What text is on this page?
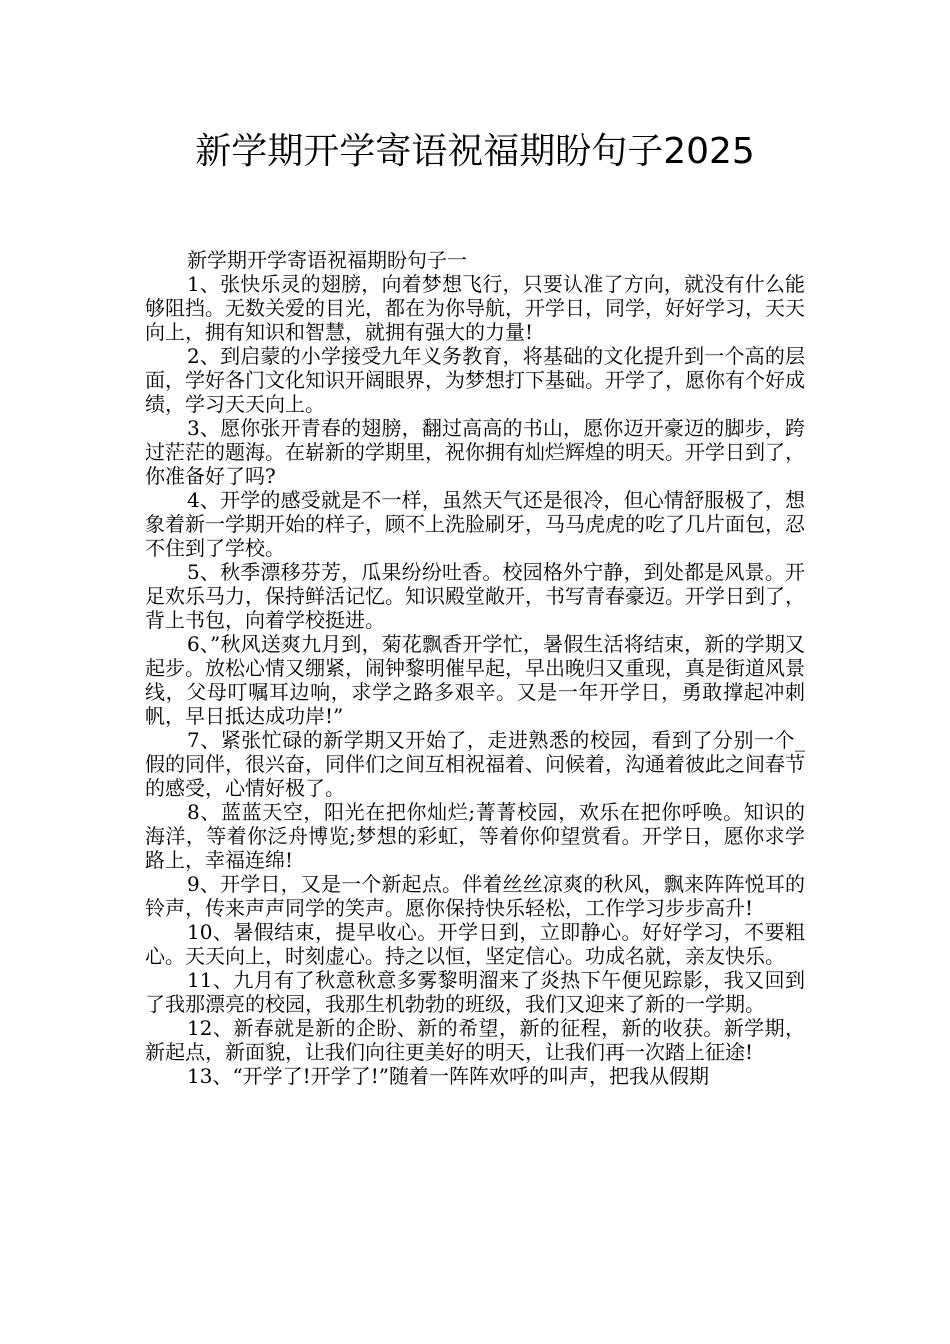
新学期开学寄语祝福期盼句子2025

新学期开学寄语祝福期盼句子一

1、张快乐灵的翅膀，向着梦想飞行，只要认准了方向，就没有什么能够阻挡。无数关爱的目光，都在为你导航，开学日，同学，好好学习，天天向上，拥有知识和智慧，就拥有强大的力量!

2、到启蒙的小学接受九年义务教育，将基础的文化提升到一个高的层面，学好各门文化知识开阔眼界，为梦想打下基础。开学了，愿你有个好成绩，学习天天向上。

3、愿你张开青春的翅膀，翻过高高的书山，愿你迈开豪迈的脚步，跨过茫茫的题海。在崭新的学期里，祝你拥有灿烂辉煌的明天。开学日到了，你准备好了吗?

4、开学的感受就是不一样，虽然天气还是很冷，但心情舒服极了，想象着新一学期开始的样子，顾不上洗脸刷牙，马马虎虎的吃了几片面包，忍不住到了学校。

5、秋季漂移芬芳，瓜果纷纷吐香。校园格外宁静，到处都是风景。开足欢乐马力，保持鲜活记忆。知识殿堂敞开，书写青春豪迈。开学日到了，背上书包，向着学校挺进。

6、”秋风送爽九月到，菊花飘香开学忙，暑假生活将结束，新的学期又起步。放松心情又绷紧，闹钟黎明催早起，早出晚归又重现，真是街道风景线，父母叮嘱耳边响，求学之路多艰辛。又是一年开学日，勇敢撑起冲刺帆，早日抵达成功岸!”

7、紧张忙碌的新学期又开始了，走进熟悉的校园，看到了分别一个_假的同伴，很兴奋，同伴们之间互相祝福着、问候着，沟通着彼此之间春节的感受，心情好极了。

8、蓝蓝天空，阳光在把你灿烂;菁菁校园，欢乐在把你呼唤。知识的海洋，等着你泛舟博览;梦想的彩虹，等着你仰望赏看。开学日，愿你求学路上，幸福连绵!

9、开学日，又是一个新起点。伴着丝丝凉爽的秋风，飘来阵阵悦耳的铃声，传来声声同学的笑声。愿你保持快乐轻松，工作学习步步高升!

10、暑假结束，提早收心。开学日到，立即静心。好好学习，不要粗心。天天向上，时刻虚心。持之以恒，坚定信心。功成名就，亲友快乐。

11、九月有了秋意秋意多雾黎明溜来了炎热下午便见踪影，我又回到了我那漂亮的校园，我那生机勃勃的班级，我们又迎来了新的一学期。

12、新春就是新的企盼、新的希望，新的征程，新的收获。新学期，新起点，新面貌，让我们向往更美好的明天，让我们再一次踏上征途!

13、“开学了!开学了!”随着一阵阵欢呼的叫声，把我从假期
